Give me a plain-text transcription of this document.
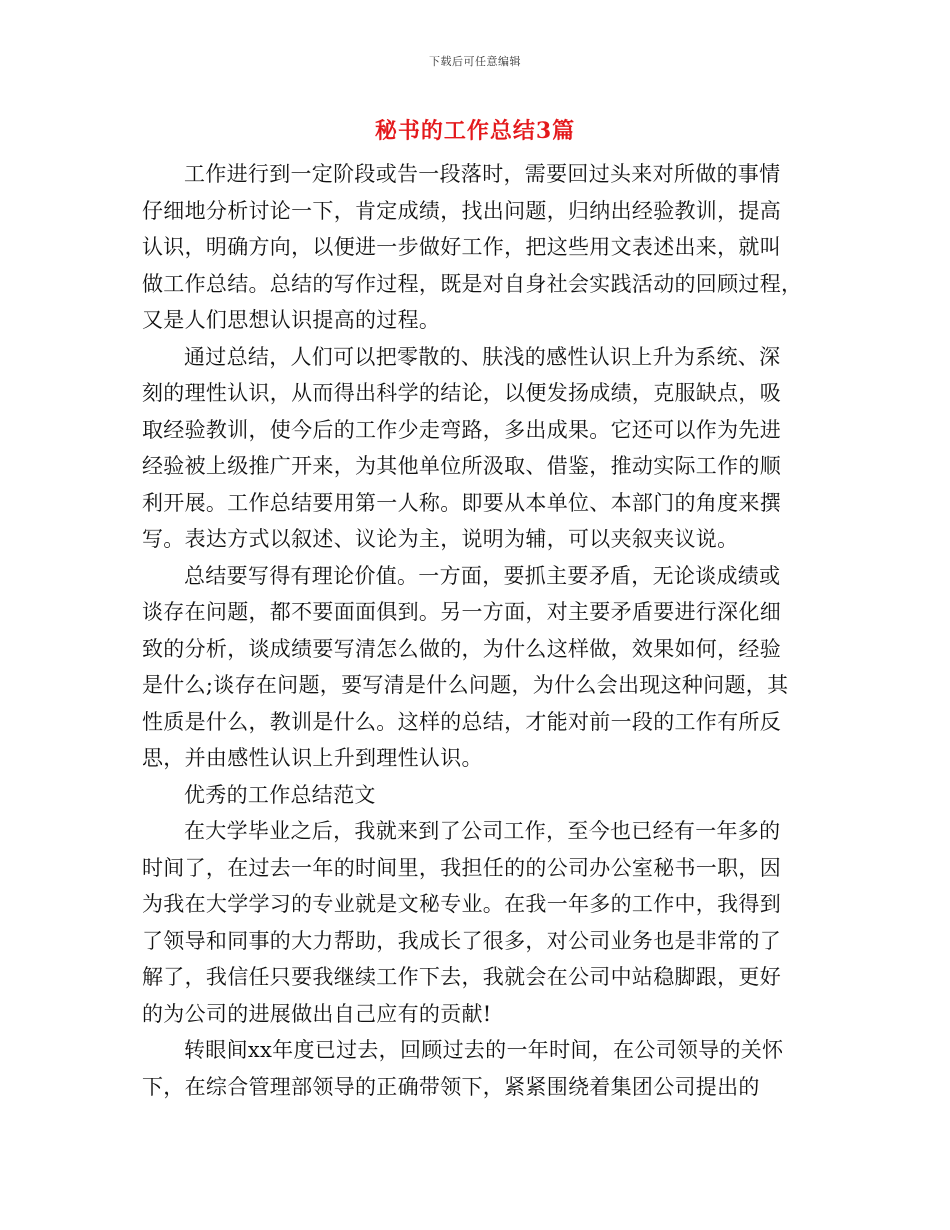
下载后可任意编辑
秘书的工作总结3篇

工作进行到一定阶段或告一段落时，需要回过头来对所做的事情
仔细地分析讨论一下，肯定成绩，找出问题，归纳出经验教训，提高
认识，明确方向，以便进一步做好工作，把这些用文表述出来，就叫
做工作总结。总结的写作过程，既是对自身社会实践活动的回顾过程，
又是人们思想认识提高的过程。

通过总结，人们可以把零散的、肤浅的感性认识上升为系统、深
刻的理性认识，从而得出科学的结论，以便发扬成绩，克服缺点，吸
取经验教训，使今后的工作少走弯路，多出成果。它还可以作为先进
经验被上级推广开来，为其他单位所汲取、借鉴，推动实际工作的顺
利开展。工作总结要用第一人称。即要从本单位、本部门的角度来撰
写。表达方式以叙述、议论为主，说明为辅，可以夹叙夹议说。

总结要写得有理论价值。一方面，要抓主要矛盾，无论谈成绩或
谈存在问题，都不要面面俱到。另一方面，对主要矛盾要进行深化细
致的分析，谈成绩要写清怎么做的，为什么这样做，效果如何，经验
是什么;谈存在问题，要写清是什么问题，为什么会出现这种问题，其
性质是什么，教训是什么。这样的总结，才能对前一段的工作有所反
思，并由感性认识上升到理性认识。

优秀的工作总结范文

在大学毕业之后，我就来到了公司工作，至今也已经有一年多的
时间了，在过去一年的时间里，我担任的的公司办公室秘书一职，因
为我在大学学习的专业就是文秘专业。在我一年多的工作中，我得到
了领导和同事的大力帮助，我成长了很多，对公司业务也是非常的了
解了，我信任只要我继续工作下去，我就会在公司中站稳脚跟，更好
的为公司的进展做出自己应有的贡献!

转眼间xx年度已过去，回顾过去的一年时间，在公司领导的关怀
下，在综合管理部领导的正确带领下，紧紧围绕着集团公司提出的
